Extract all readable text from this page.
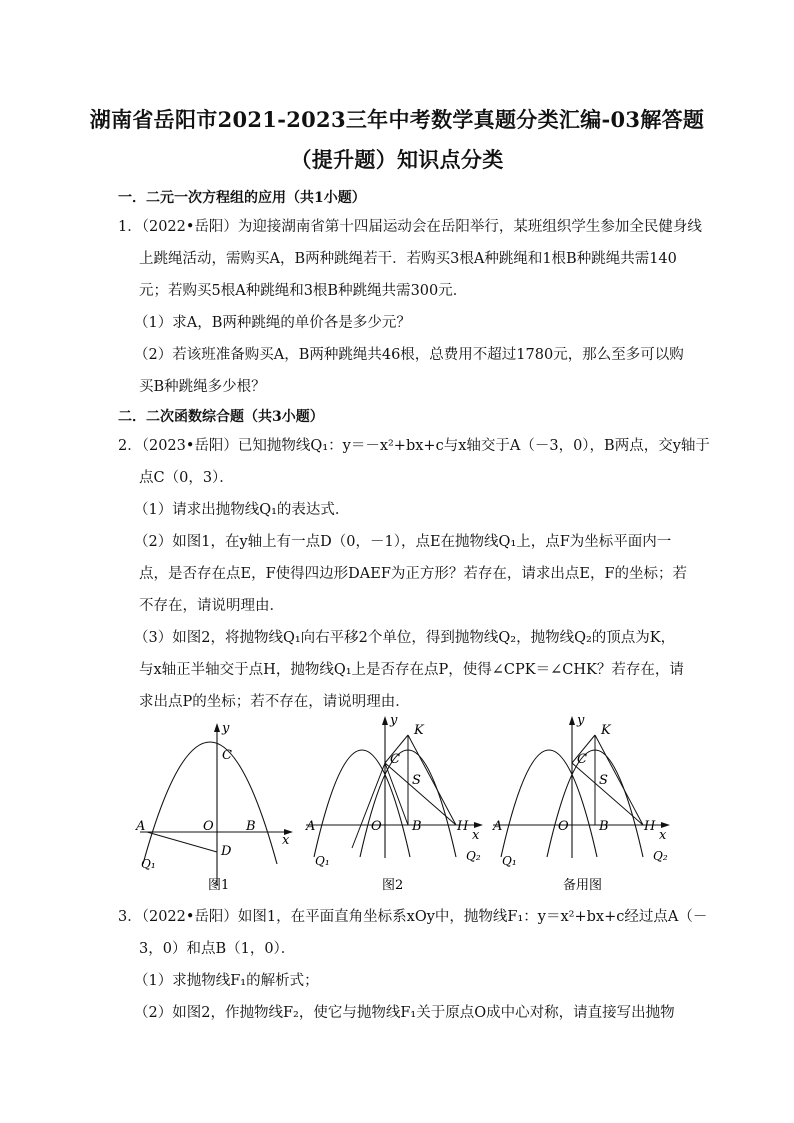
湖南省岳阳市2021-2023三年中考数学真题分类汇编-03解答题
（提升题）知识点分类
一．二元一次方程组的应用（共1小题）
1．（2022•岳阳）为迎接湖南省第十四届运动会在岳阳举行，某班组织学生参加全民健身线
上跳绳活动，需购买A，B两种跳绳若干．若购买3根A种跳绳和1根B种跳绳共需140
元；若购买5根A种跳绳和3根B种跳绳共需300元．
（1）求A，B两种跳绳的单价各是多少元？
（2）若该班准备购买A，B两种跳绳共46根，总费用不超过1780元，那么至多可以购
买B种跳绳多少根？
二．二次函数综合题（共3小题）
2．（2023•岳阳）已知抛物线Q₁：y＝－x²+bx+c与x轴交于A（－3，0），B两点，交y轴于
点C（0，3）．
（1）请求出抛物线Q₁的表达式．
（2）如图1，在y轴上有一点D（0，－1），点E在抛物线Q₁上，点F为坐标平面内一
点，是否存在点E，F使得四边形DAEF为正方形？若存在，请求出点E，F的坐标；若
不存在，请说明理由．
（3）如图2，将抛物线Q₁向右平移2个单位，得到抛物线Q₂，抛物线Q₂的顶点为K，
与x轴正半轴交于点H，抛物线Q₁上是否存在点P，使得∠CPK＝∠CHK？若存在，请
求出点P的坐标；若不存在，请说明理由．
y
C
A	O B
x
D
Q₁
图1
y
K
C
S
A	O B	H
x
Q₁	Q₂
图2
y
K
C
S
A	O B	H
x
Q₁	Q₂
备用图
3．（2022•岳阳）如图1，在平面直角坐标系xOy中，抛物线F₁：y＝x²+bx+c经过点A（－
3，0）和点B（1，0）．
（1）求抛物线F₁的解析式；
（2）如图2，作抛物线F₂，使它与抛物线F₁关于原点O成中心对称，请直接写出抛物
